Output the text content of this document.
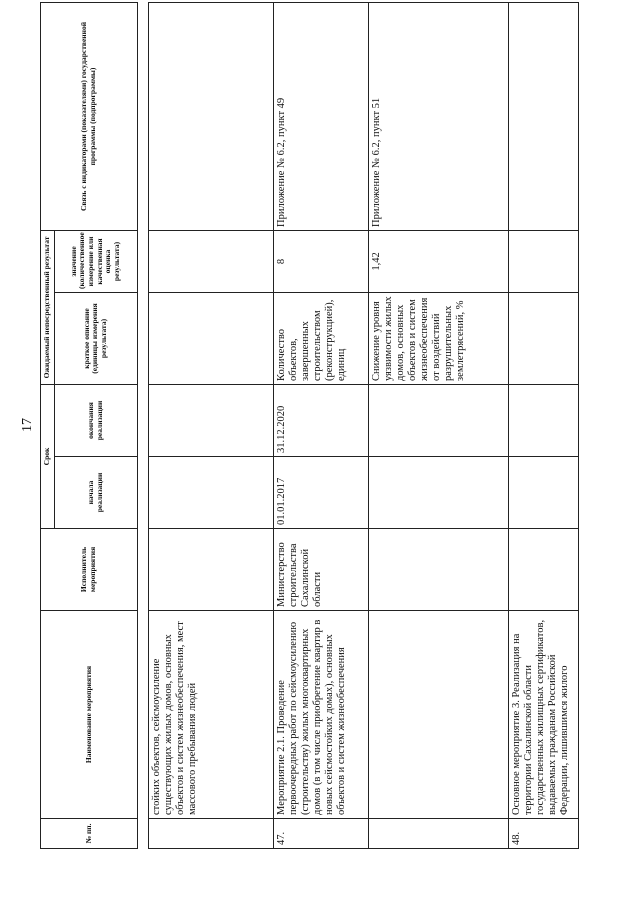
17
№ пп.	Наименование мероприятия	Исполнитель мероприятия	Срок		Ожидаемый непосредственный результат		Связь с индикаторами (показателями) государственной программы (подпрограммы)
			начала реализации	окончания реализации	краткое описание (единицы измерения результата)	значение (количественное измерение или качественная оценка результата)	

	стойких объектов, сейсмоусиление существующих жилых домов, основных объектов и систем жизнеобеспечения, мест массового пребывания людей						
47.	Мероприятие 2.1. Проведение первоочередных работ по сейсмоусилению (строительству) жилых многоквартирных домов (в том числе приобретение квартир в новых сейсмостойких домах), основных объектов и систем жизнеобеспечения	Министерство строительства Сахалинской области	01.01.2017	31.12.2020	Количество объектов, завершенных строительством (реконструкцией), единиц	8	Приложение № 6.2, пункт 49
					Снижение уровня уязвимости жилых домов, основных объектов и систем жизнеобеспечения от воздействий разрушительных землетрясений, %	1,42	Приложение № 6.2, пункт 51
48.	Основное мероприятие 3. Реализация на территории Сахалинской области государственных жилищных сертификатов, выдаваемых гражданам Российской Федерации, лишившимся жилого						
